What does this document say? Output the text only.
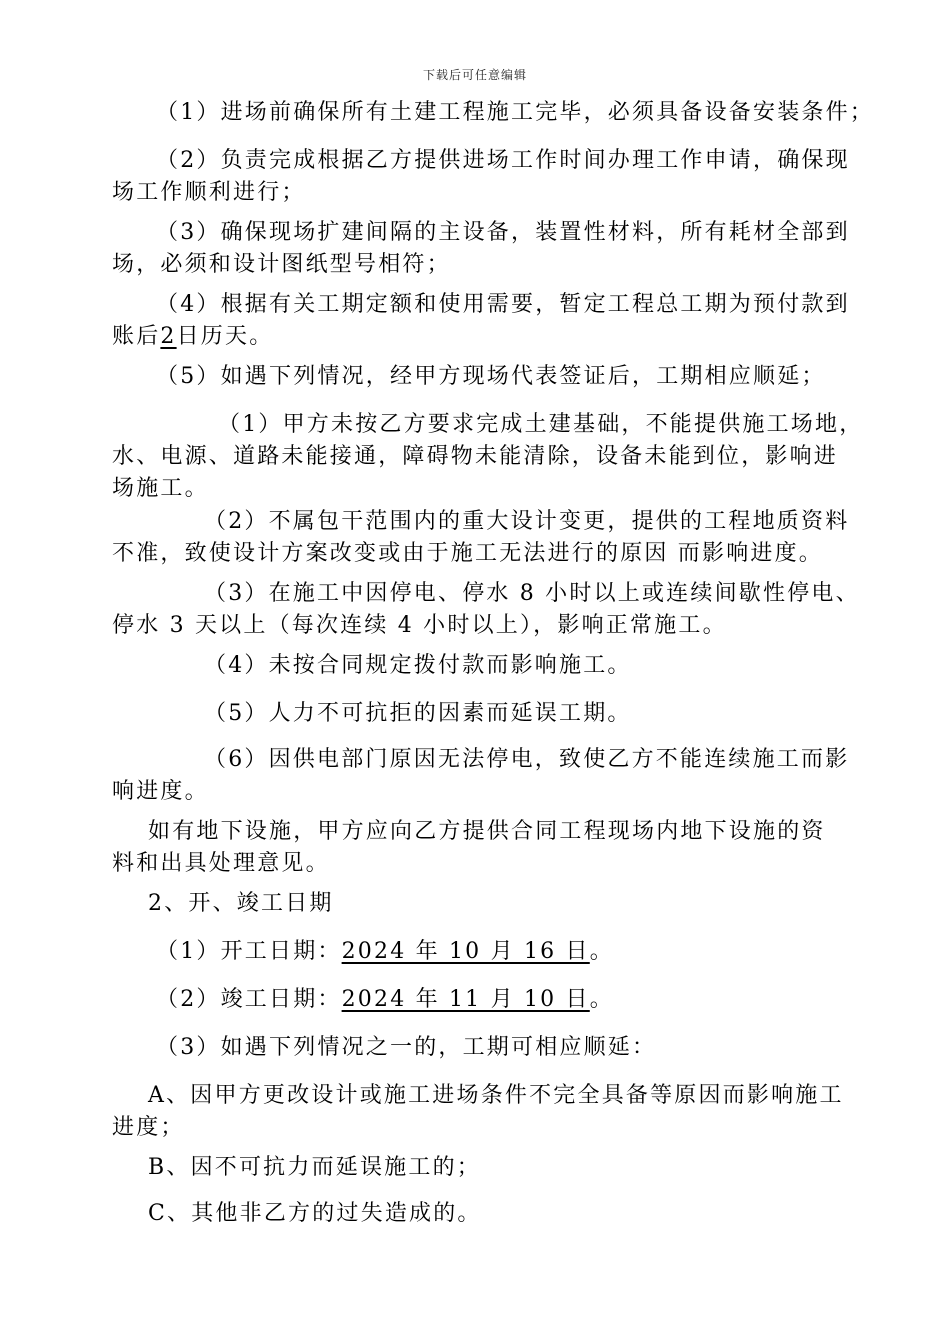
下载后可任意编辑
（1）进场前确保所有土建工程施工完毕，必须具备设备安装条件；
（2）负责完成根据乙方提供进场工作时间办理工作申请，确保现
场工作顺利进行；
（3）确保现场扩建间隔的主设备，装置性材料，所有耗材全部到
场，必须和设计图纸型号相符；
（4）根据有关工期定额和使用需要，暂定工程总工期为预付款到
账后2日历天。
（5）如遇下列情况，经甲方现场代表签证后，工期相应顺延；
（1）甲方未按乙方要求完成土建基础，不能提供施工场地，
水、电源、道路未能接通，障碍物未能清除，设备未能到位，影响进
场施工。
（2）不属包干范围内的重大设计变更，提供的工程地质资料
不准，致使设计方案改变或由于施工无法进行的原因 而影响进度。
（3）在施工中因停电、停水 8 小时以上或连续间歇性停电、
停水 3 天以上（每次连续 4 小时以上），影响正常施工。
（4）未按合同规定拨付款而影响施工。
（5）人力不可抗拒的因素而延误工期。
（6）因供电部门原因无法停电，致使乙方不能连续施工而影
响进度。
如有地下设施，甲方应向乙方提供合同工程现场内地下设施的资
料和出具处理意见。
2、开、竣工日期
（1）开工日期：2024 年 10 月 16 日。
（2）竣工日期：2024 年 11 月 10 日。
（3）如遇下列情况之一的，工期可相应顺延：
A、因甲方更改设计或施工进场条件不完全具备等原因而影响施工
进度；
B、因不可抗力而延误施工的；
C、其他非乙方的过失造成的。
